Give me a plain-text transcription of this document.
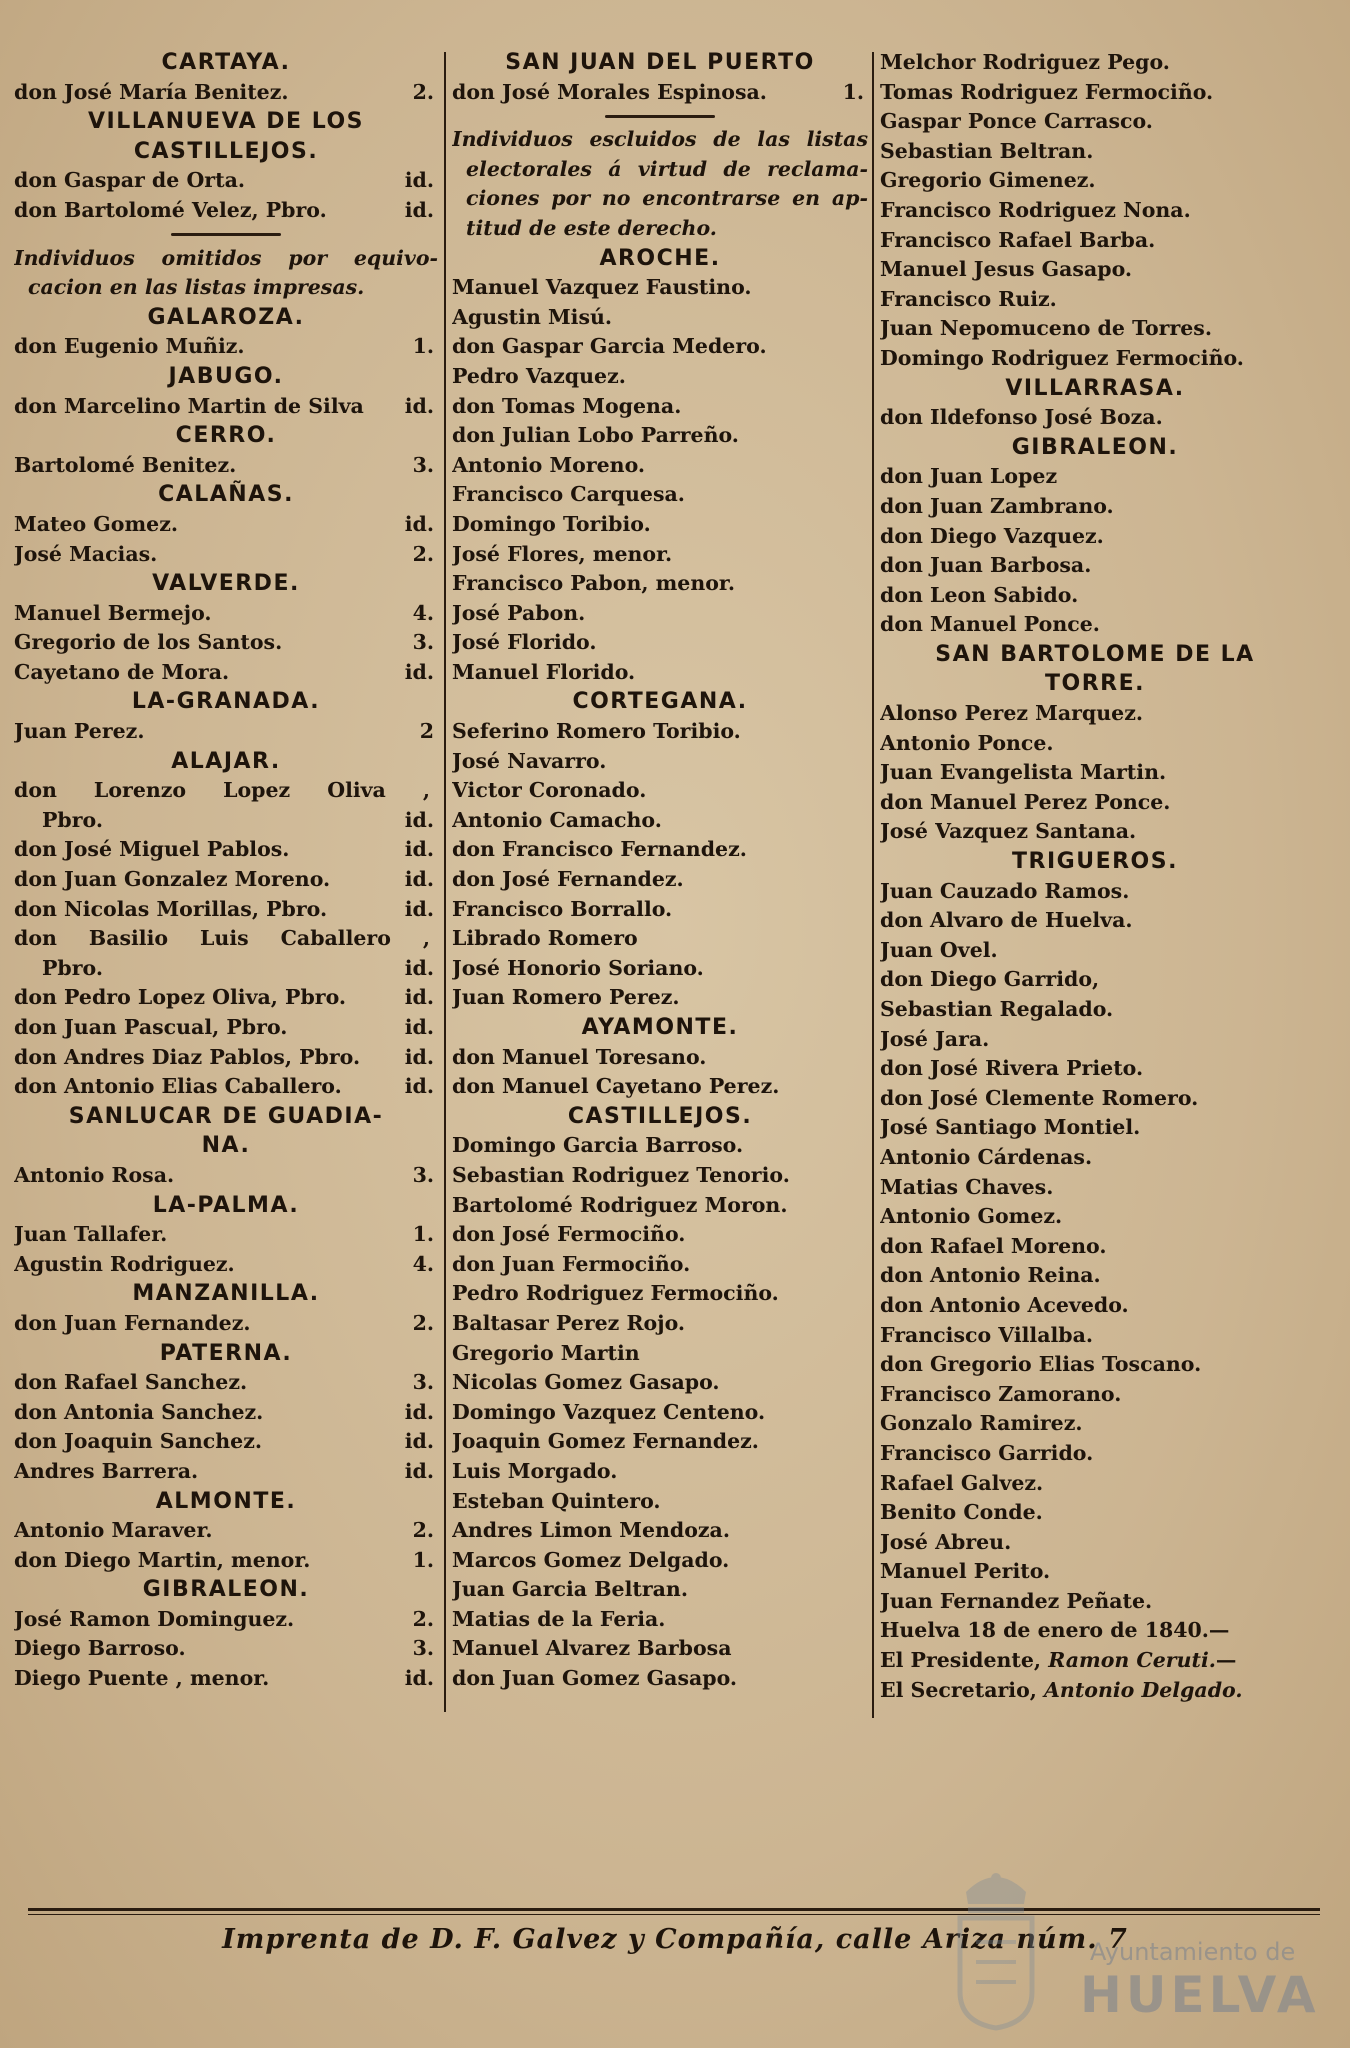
CARTAYA.
don José María Benitez.	2.
VILLANUEVA DE LOS
CASTILLEJOS.
don Gaspar de Orta.	id.
don Bartolomé Velez, Pbro.	id.
Individuos omitidos por equivo-
cacion en las listas impresas.
GALAROZA.
don Eugenio Muñiz.	1.
JABUGO.
don Marcelino Martin de Silva	id.
CERRO.
Bartolomé Benitez.	3.
CALAÑAS.
Mateo Gomez.	id.
José Macias.	2.
VALVERDE.
Manuel Bermejo.	4.
Gregorio de los Santos.	3.
Cayetano de Mora.	id.
LA-GRANADA.
Juan Perez.	2
ALAJAR.
don Lorenzo Lopez Oliva ,
Pbro.	id.
don José Miguel Pablos.	id.
don Juan Gonzalez Moreno.	id.
don Nicolas Morillas, Pbro.	id.
don Basilio Luis Caballero ,
Pbro.	id.
don Pedro Lopez Oliva, Pbro.	id.
don Juan Pascual, Pbro.	id.
don Andres Diaz Pablos, Pbro.	id.
don Antonio Elias Caballero.	id.
SANLUCAR DE GUADIA-
NA.
Antonio Rosa.	3.
LA-PALMA.
Juan Tallafer.	1.
Agustin Rodriguez.	4.
MANZANILLA.
don Juan Fernandez.	2.
PATERNA.
don Rafael Sanchez.	3.
don Antonia Sanchez.	id.
don Joaquin Sanchez.	id.
Andres Barrera.	id.
ALMONTE.
Antonio Maraver.	2.
don Diego Martin, menor.	1.
GIBRALEON.
José Ramon Dominguez.	2.
Diego Barroso.	3.
Diego Puente , menor.	id.
SAN JUAN DEL PUERTO
don José Morales Espinosa.	1.
Individuos escluidos de las listas
electorales á virtud de reclama-
ciones por no encontrarse en ap-
titud de este derecho.
AROCHE.
Manuel Vazquez Faustino.
Agustin Misú.
don Gaspar Garcia Medero.
Pedro Vazquez.
don Tomas Mogena.
don Julian Lobo Parreño.
Antonio Moreno.
Francisco Carquesa.
Domingo Toribio.
José Flores, menor.
Francisco Pabon, menor.
José Pabon.
José Florido.
Manuel Florido.
CORTEGANA.
Seferino Romero Toribio.
José Navarro.
Victor Coronado.
Antonio Camacho.
don Francisco Fernandez.
don José Fernandez.
Francisco Borrallo.
Librado Romero
José Honorio Soriano.
Juan Romero Perez.
AYAMONTE.
don Manuel Toresano.
don Manuel Cayetano Perez.
CASTILLEJOS.
Domingo Garcia Barroso.
Sebastian Rodriguez Tenorio.
Bartolomé Rodriguez Moron.
don José Fermociño.
don Juan Fermociño.
Pedro Rodriguez Fermociño.
Baltasar Perez Rojo.
Gregorio Martin
Nicolas Gomez Gasapo.
Domingo Vazquez Centeno.
Joaquin Gomez Fernandez.
Luis Morgado.
Esteban Quintero.
Andres Limon Mendoza.
Marcos Gomez Delgado.
Juan Garcia Beltran.
Matias de la Feria.
Manuel Alvarez Barbosa
don Juan Gomez Gasapo.
Melchor Rodriguez Pego.
Tomas Rodriguez Fermociño.
Gaspar Ponce Carrasco.
Sebastian Beltran.
Gregorio Gimenez.
Francisco Rodriguez Nona.
Francisco Rafael Barba.
Manuel Jesus Gasapo.
Francisco Ruiz.
Juan Nepomuceno de Torres.
Domingo Rodriguez Fermociño.
VILLARRASA.
don Ildefonso José Boza.
GIBRALEON.
don Juan Lopez
don Juan Zambrano.
don Diego Vazquez.
don Juan Barbosa.
don Leon Sabido.
don Manuel Ponce.
SAN BARTOLOME DE LA
TORRE.
Alonso Perez Marquez.
Antonio Ponce.
Juan Evangelista Martin.
don Manuel Perez Ponce.
José Vazquez Santana.
TRIGUEROS.
Juan Cauzado Ramos.
don Alvaro de Huelva.
Juan Ovel.
don Diego Garrido,
Sebastian Regalado.
José Jara.
don José Rivera Prieto.
don José Clemente Romero.
José Santiago Montiel.
Antonio Cárdenas.
Matias Chaves.
Antonio Gomez.
don Rafael Moreno.
don Antonio Reina.
don Antonio Acevedo.
Francisco Villalba.
don Gregorio Elias Toscano.
Francisco Zamorano.
Gonzalo Ramirez.
Francisco Garrido.
Rafael Galvez.
Benito Conde.
José Abreu.
Manuel Perito.
Juan Fernandez Peñate.
Huelva 18 de enero de 1840.—
El Presidente, Ramon Ceruti.—
El Secretario, Antonio Delgado.
Imprenta de D. F. Galvez y Compañía, calle Ariza núm. 7
Ayuntamiento de
HUELVA
